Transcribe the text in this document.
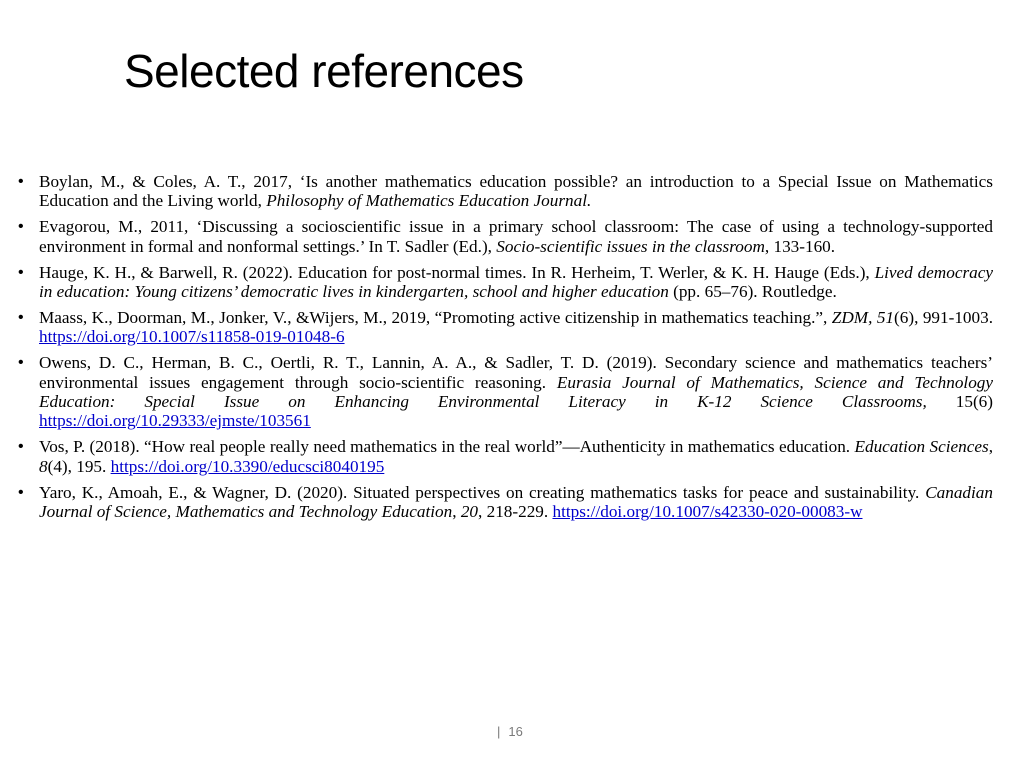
Selected references
• Boylan, M., & Coles, A. T., 2017, ‘Is another mathematics education possible? an introduction to a Special Issue on Mathematics Education and the Living world, Philosophy of Mathematics Education Journal.
• Evagorou, M., 2011, ‘Discussing a socioscientific issue in a primary school classroom: The case of using a technology-supported environment in formal and nonformal settings.’ In T. Sadler (Ed.), Socio-scientific issues in the classroom, 133-160.
• Hauge, K. H., & Barwell, R. (2022). Education for post-normal times. In R. Herheim, T. Werler, & K. H. Hauge (Eds.), Lived democracy in education: Young citizens’ democratic lives in kindergarten, school and higher education (pp. 65–76). Routledge.
• Maass, K., Doorman, M., Jonker, V., &Wijers, M., 2019, “Promoting active citizenship in mathematics teaching.”, ZDM, 51(6), 991-1003. https://doi.org/10.1007/s11858-019-01048-6
• Owens, D. C., Herman, B. C., Oertli, R. T., Lannin, A. A., & Sadler, T. D. (2019). Secondary science and mathematics teachers’ environmental issues engagement through socio-scientific reasoning. Eurasia Journal of Mathematics, Science and Technology Education: Special Issue on Enhancing Environmental Literacy in K-12 Science Classrooms, 15(6) https://doi.org/10.29333/ejmste/103561
• Vos, P. (2018). “How real people really need mathematics in the real world”—Authenticity in mathematics education. Education Sciences, 8(4), 195. https://doi.org/10.3390/educsci8040195
• Yaro, K., Amoah, E., & Wagner, D. (2020). Situated perspectives on creating mathematics tasks for peace and sustainability. Canadian Journal of Science, Mathematics and Technology Education, 20, 218-229. https://doi.org/10.1007/s42330-020-00083-w
| 16
